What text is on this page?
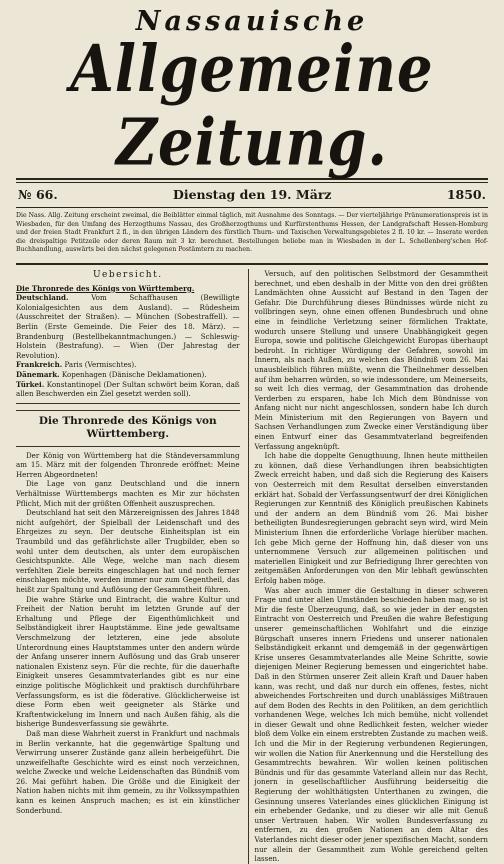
Nassauische
Allgemeine Zeitung.
№ 66.	Dienstag den 19. März	1850.
Die Nass. Allg. Zeitung erscheint zweimal, die Beiblätter einmal täglich, mit Ausnahme des Sonntags. — Der vierteljährige Pränumerationspreis ist in Wiesbaden, für den Umfang des Herzogthums Nassau, des Großherzogthums und Kurfürstenthums Hessen, der Landgrafschaft Hessen-Homburg und der freien Stadt Frankfurt 2 fl., in den übrigen Ländern des fürstlich Thurn- und Taxischen Verwaltungsgebietes 2 fl. 10 kr. — Inserate werden die dreispaltige Petitzeile oder deren Raum mit 3 kr. berechnet. Bestellungen beliebe man in Wiesbaden in der L. Schellenberg'schen Hof-Buchhandlung, auswärts bei den nächst gelegenen Postämtern zu machen.
Uebersicht.
Die Thronrede des Königs von Württemberg.
Deutschland. Vom Schaffhausen (Bewilligte Kolonialgesichten aus dem Ausland). — Rüdesheim (Ausschreitet der Straßen). — München (Sobestraffell). — Berlin (Erste Gemeinde. Die Feier des 18. März). — Brandenburg (Bestellbekanntmachungen.) — Schleswig-Holstein (Bestrafung). — Wien (Der Jahrestag der Revolution).
Frankreich. Paris (Vermischtes).
Dänemark. Kopenhagen (Dänische Deklamationen).
Türkei. Konstantinopel (Der Sultan schwört beim Koran, daß allen Beschwerden ein Ziel gesetzt werden soll).
Die Thronrede des Königs von Württemberg.

Der König von Württemberg hat die Ständeversammlung am 15. März mit der folgenden Thronrede eröffnet: Meine Herren Abgeordneten!

Die Lage von ganz Deutschland und die innern Verhältnisse Württembergs machten es Mir zur höchsten Pflicht, Mich mit der größten Offenheit auszusprechen.

Deutschland hat seit den Märzereignissen des Jahres 1848 nicht aufgehört, der Spielball der Leidenschaft und des Ehrgeizes zu seyn. Der deutsche Einheitsplan ist ein Traumbild und das gefährlichste aller Trugbilder, eben so wohl unter dem deutschen, als unter dem europäischen Gesichtspunkte. Alle Wege, welche man nach diesem verfehlten Ziele bereits eingeschlagen hat und noch ferner einschlagen möchte, werden immer nur zum Gegentheil, das heißt zur Spaltung und Auflösung der Gesammtheit führen.

Die wahre Stärke und Eintracht, die wahre Kultur und Freiheit der Nation beruht im letzten Grunde auf der Erhaltung und Pflege der Eigenthümlichkeit und Selbständigkeit ihrer Hauptstämme. Eine jede gewaltsame Verschmelzung der letzteren, eine jede absolute Unterordnung eines Hauptstammes unter den andern würde der Anfang unserer innern Auflösung und das Grab unserer nationalen Existenz seyn. Für die rechte, für die dauerhafte Einigkeit unseres Gesammtvaterlandes gibt es nur eine einzige politische Möglichkeit und praktisch durchführbare Verfassungsform, es ist die föderative. Glücklicherweise ist diese Form eben weit geeigneter als Stärke und Kraftentwickelung im Innern und nach Außen fähig, als die bisherige Bundesverfassung sie gewährte.

Daß man diese Wahrheit zuerst in Frankfurt und nachmals in Berlin verkannte, hat die gegenwärtige Spaltung und Verwirrung unserer Zustände ganz allein herbeigeführt. Die unzweifelhafte Geschichte wird es einst noch verzeichnen, welche Zwecke und welche Leidenschaften das Bündniß vom 26. Mai geführt haben. Die Größe und die Einigkeit der Nation haben nichts mit ihm gemein, zu ihr Volkssympathien kann es keinen Anspruch machen; es ist ein künstlicher Sonderbund.

Versuch, auf den politischen Selbstmord der Gesammtheit berechnet, und eben deshalb in der Mitte von den drei größten Landmächten ohne Aussicht auf Bestand in den Tagen der Gefahr. Die Durchführung dieses Bündnisses würde nicht zu vollbringen seyn, ohne einen offenen Bundesbruch und ohne eine in feindliche Verletzung seiner förmlichen Traktate, wodurch unsere Stellung und unsere Unabhängigkeit gegen Europa, sowie und politische Gleichgewicht Europas überhaupt bedroht. In richtiger Würdigung der Gefahren, sowohl im Innern, als nach Außen, zu welchen das Bündniß vom 26. Mai unausbleiblich führen müßte, wenn die Theilnehmer desselben auf ihm beharren würden, so wie indessondere, um Meinerseits, so weit Ich dies vermag, der Gesammtnation das drohende Verderben zu ersparen, habe Ich Mich dem Bündnisse von Anfang nicht nur nicht angeschlossen, sondern habe Ich durch Mein Ministerium mit den Regierungen von Bayern und Sachsen Verhandlungen zum Zwecke einer Verständigung über einen Entwurf einer das Gesammtvaterland begreifenden Verfassung angeknüpft.

Ich habe die doppelte Genugthuung, Ihnen heute mittheilen zu können, daß diese Verhandlungen ihren beabsichtigten Zweck erreicht haben, und daß sich die Regierung des Kaisers von Oesterreich mit dem Resultat derselben einverstanden erklärt hat. Sobald der Verfassungsentwurf der drei Königlichen Regierungen zur Kenntniß des Königlich preußischen Kabinets und der andern an dem Bündniß vom 26. Mai bisher betheiligten Bundesregierungen gebracht seyn wird, wird Mein Ministerium Ihnen die erforderliche Vorlage hierüber machen. Ich gebe Mich gerne der Hoffnung hin, daß dieser von uns unternommene Versuch zur allgemeinen politischen und materiellen Einigkeit und zur Befriedigung Ihrer gerechten von zeitgemäßen Anforderungen von den Mir lebhaft gewünschten Erfolg haben möge.

Was aber auch immer die Gestaltung in dieser schweren Frage und unter allen Umständen beschieden haben mag, so ist Mir die feste Überzeugung, daß, so wie jeder in der engsten Eintracht von Oesterreich und Preußen die wahre Befestigung unserer gemeinschaftlichen Wohlfahrt und die einzige Bürgschaft unseres innern Friedens und unserer nationalen Selbständigkeit erkannt und demgemäß in der gegenwärtigen Krise unseres Gesammtvaterlandes alle Meine Schritte, sowie diejenigen Meiner Regierung bemessen und eingerichtet habe. Daß in den Stürmen unserer Zeit allein Kraft und Dauer haben kann, was recht, und daß nur durch ein offenes, festes, nicht abweichendes Fortschreiten und durch unablässiges Mißtrauen auf dem Boden des Rechts in den Politiken, an dem gerichtlich vorhandenen Wege, welches Ich mich bemühe, nicht vollendet in dieser Gewalt und ohne Redlichkeit festen, welcher wieder bloß dem Volke ein einem erstrebten Zustande zu machen weiß. Ich und die Mir in der Regierung verbundenen Regierungen, wir wollen die Nation für Anerkennung und die Herstellung des Gesammtrechts bewahren. Wir wollen keinen politischen Bündnis und für das gesammte Vaterland allein nur das Recht, jonern in gesellschaftlicher Ausführung beiderseitig die Regierung der wohlthätigsten Unterthanen zu zwingen, die Gesinnung unseres Vaterlandes eines glücklichen Einigung ist ein erhebender Gedanke, und zu dieser wir alle mit Genuß unser Vertrauen haben. Wir wollen Bundesverfassung zu entfernen, zu den großen Nationen an dem Altar des Vaterlandes nicht dieser oder jener spezifischen Macht, sondern nur allein der Gesammtheit zum Wohle gereichend gelten lassen.
